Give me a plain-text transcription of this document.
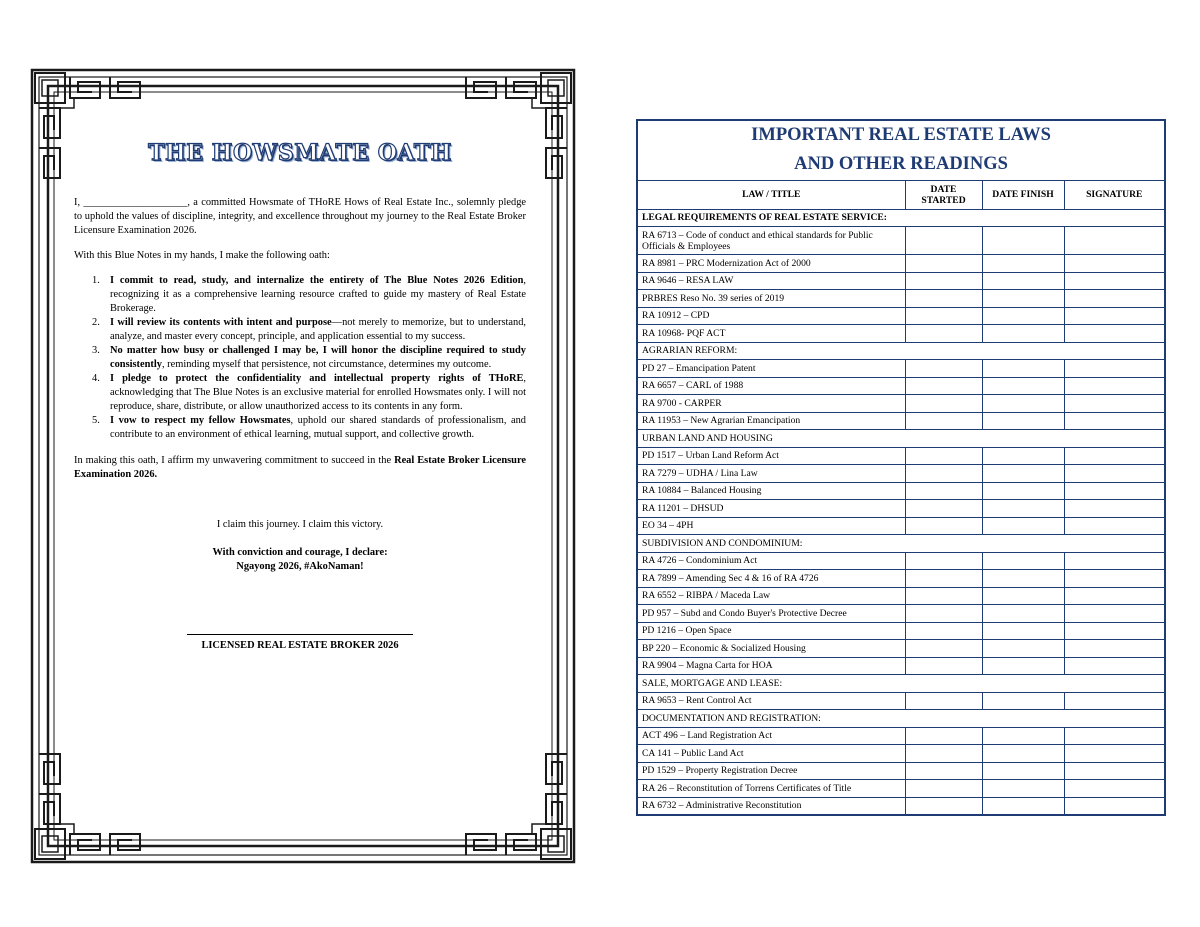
THE HOWSMATE OATH

I, ____________________, a committed Howsmate of THoRE Hows of Real Estate Inc., solemnly pledge to uphold the values of discipline, integrity, and excellence throughout my journey to the Real Estate Broker Licensure Examination 2026.

With this Blue Notes in my hands, I make the following oath:

1. I commit to read, study, and internalize the entirety of The Blue Notes 2026 Edition, recognizing it as a comprehensive learning resource crafted to guide my mastery of Real Estate Brokerage.
2. I will review its contents with intent and purpose—not merely to memorize, but to understand, analyze, and master every concept, principle, and application essential to my success.
3. No matter how busy or challenged I may be, I will honor the discipline required to study consistently, reminding myself that persistence, not circumstance, determines my outcome.
4. I pledge to protect the confidentiality and intellectual property rights of THoRE, acknowledging that The Blue Notes is an exclusive material for enrolled Howsmates only. I will not reproduce, share, distribute, or allow unauthorized access to its contents in any form.
5. I vow to respect my fellow Howsmates, uphold our shared standards of professionalism, and contribute to an environment of ethical learning, mutual support, and collective growth.

In making this oath, I affirm my unwavering commitment to succeed in the Real Estate Broker Licensure Examination 2026.

I claim this journey. I claim this victory.

With conviction and courage, I declare:

Ngayong 2026, #AkoNaman!

LICENSED REAL ESTATE BROKER 2026

IMPORTANT REAL ESTATE LAWS
AND OTHER READINGS			

LAW / TITLE	DATE STARTED	DATE FINISH	SIGNATURE
LEGAL REQUIREMENTS OF REAL ESTATE SERVICE:			
RA 6713 – Code of conduct and ethical standards for Public Officials & Employees			
RA 8981 – PRC Modernization Act of 2000			
RA 9646 – RESA LAW			
PRBRES Reso No. 39 series of 2019			
RA 10912 – CPD			
RA 10968- PQF ACT			
AGRARIAN REFORM:			
PD 27 – Emancipation Patent			
RA 6657 – CARL of 1988			
RA 9700 - CARPER			
RA 11953 – New Agrarian Emancipation			
URBAN LAND AND HOUSING			
PD 1517 – Urban Land Reform Act			
RA 7279 – UDHA / Lina Law			
RA 10884 – Balanced Housing			
RA 11201 – DHSUD			
EO 34 – 4PH			
SUBDIVISION AND CONDOMINIUM:			
RA 4726 – Condominium Act			
RA 7899 – Amending Sec 4 & 16 of RA 4726			
RA 6552 – RIBPA / Maceda Law			
PD 957 – Subd and Condo Buyer's Protective Decree			
PD 1216 – Open Space			
BP 220 – Economic & Socialized Housing			
RA 9904 – Magna Carta for HOA			
SALE, MORTGAGE AND LEASE:			
RA 9653 – Rent Control Act			
DOCUMENTATION AND REGISTRATION:			
ACT 496 – Land Registration Act			
CA 141 – Public Land Act			
PD 1529 – Property Registration Decree			
RA 26 – Reconstitution of Torrens Certificates of Title			
RA 6732 – Administrative Reconstitution			
